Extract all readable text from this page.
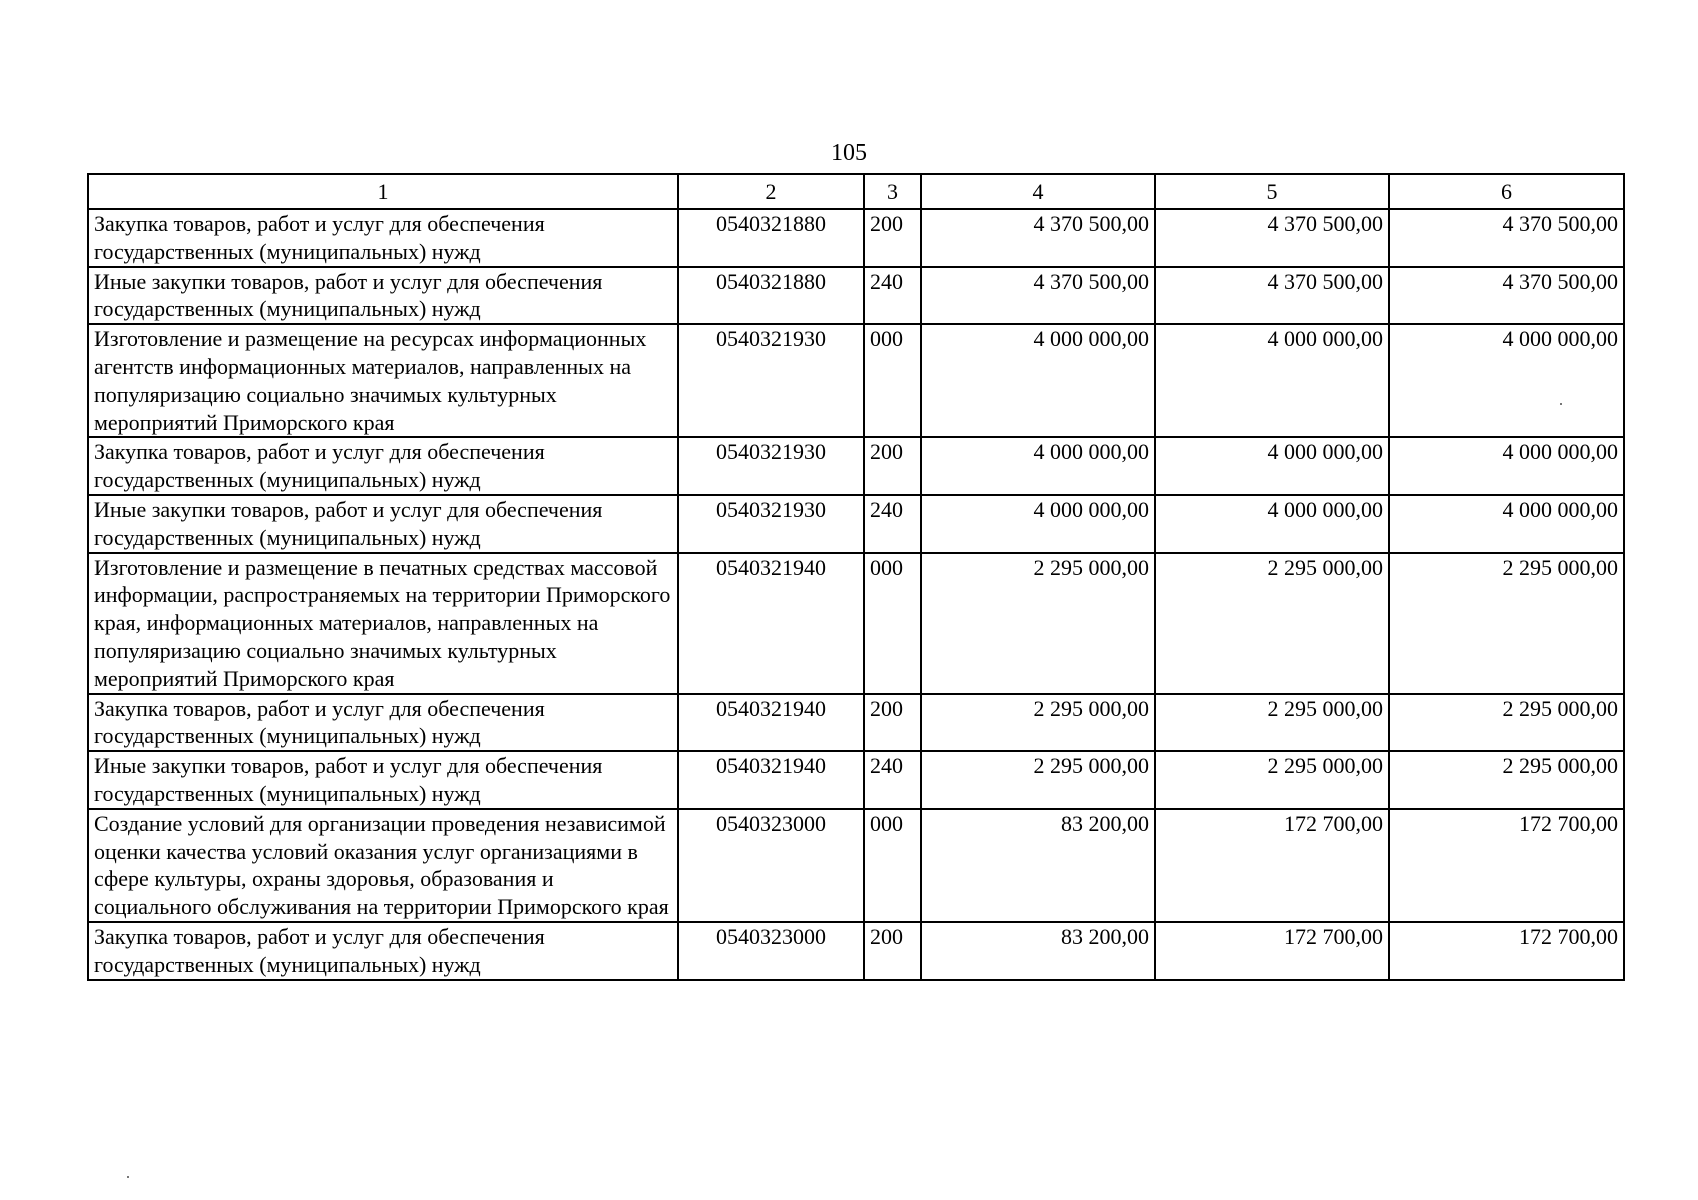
105
1	2	3	4	5	6
Закупка товаров, работ и услуг для обеспечения государственных (муниципальных) нужд	0540321880	200	4 370 500,00	4 370 500,00	4 370 500,00
Иные закупки товаров, работ и услуг для обеспечения государственных (муниципальных) нужд	0540321880	240	4 370 500,00	4 370 500,00	4 370 500,00
Изготовление и размещение на ресурсах информационных агентств информационных материалов, направленных на популяризацию социально значимых культурных мероприятий Приморского края	0540321930	000	4 000 000,00	4 000 000,00	4 000 000,00
Закупка товаров, работ и услуг для обеспечения государственных (муниципальных) нужд	0540321930	200	4 000 000,00	4 000 000,00	4 000 000,00
Иные закупки товаров, работ и услуг для обеспечения государственных (муниципальных) нужд	0540321930	240	4 000 000,00	4 000 000,00	4 000 000,00
Изготовление и размещение в печатных средствах массовой информации, распространяемых на территории Приморского края, информационных материалов, направленных на популяризацию социально значимых культурных мероприятий Приморского края	0540321940	000	2 295 000,00	2 295 000,00	2 295 000,00
Закупка товаров, работ и услуг для обеспечения государственных (муниципальных) нужд	0540321940	200	2 295 000,00	2 295 000,00	2 295 000,00
Иные закупки товаров, работ и услуг для обеспечения государственных (муниципальных) нужд	0540321940	240	2 295 000,00	2 295 000,00	2 295 000,00
Создание условий для организации проведения независимой оценки качества условий оказания услуг организациями в сфере культуры, охраны здоровья, образования и социального обслуживания на территории Приморского края	0540323000	000	83 200,00	172 700,00	172 700,00
Закупка товаров, работ и услуг для обеспечения государственных (муниципальных) нужд	0540323000	200	83 200,00	172 700,00	172 700,00
